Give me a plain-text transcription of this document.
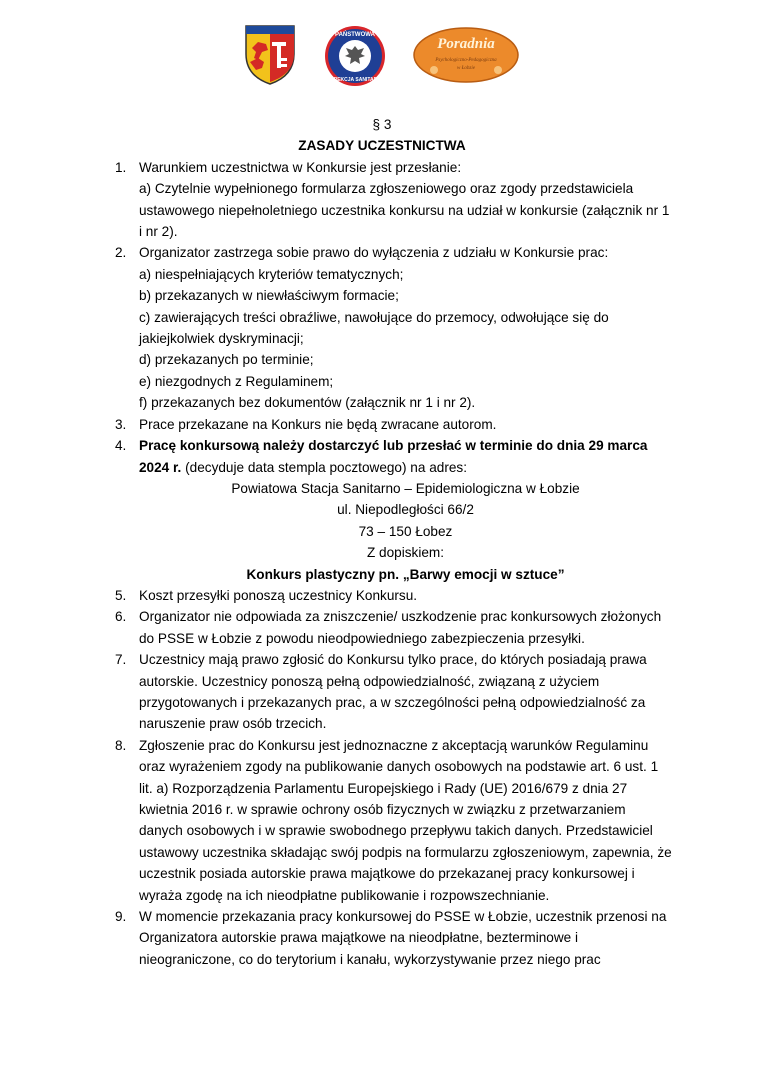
PAŃSTWOWA
INSPEKCJA SANITARNA
Poradnia
Psychologiczno-Pedagogiczna
w Łobzie
§ 3
ZASADY UCZESTNICTWA
1. Warunkiem uczestnictwa w Konkursie jest przesłanie:
a) Czytelnie wypełnionego formularza zgłoszeniowego oraz zgody przedstawiciela ustawowego niepełnoletniego uczestnika konkursu na udział w konkursie (załącznik nr 1 i nr 2).
2. Organizator zastrzega sobie prawo do wyłączenia z udziału w Konkursie prac:
a) niespełniających kryteriów tematycznych;
b) przekazanych w niewłaściwym formacie;
c) zawierających treści obraźliwe, nawołujące do przemocy, odwołujące się do jakiejkolwiek dyskryminacji;
d) przekazanych po terminie;
e) niezgodnych z Regulaminem;
f) przekazanych bez dokumentów (załącznik nr 1 i nr 2).
3. Prace przekazane na Konkurs nie będą zwracane autorom.
4. Pracę konkursową należy dostarczyć lub przesłać w terminie do dnia 29 marca 2024 r. (decyduje data stempla pocztowego) na adres:
Powiatowa Stacja Sanitarno – Epidemiologiczna w Łobzie
ul. Niepodległości 66/2
73 – 150 Łobez
Z dopiskiem:
Konkurs plastyczny pn. „Barwy emocji w sztuce”
5. Koszt przesyłki ponoszą uczestnicy Konkursu.
6. Organizator nie odpowiada za zniszczenie/ uszkodzenie prac konkursowych złożonych do PSSE w Łobzie z powodu nieodpowiedniego zabezpieczenia przesyłki.
7. Uczestnicy mają prawo zgłosić do Konkursu tylko prace, do których posiadają prawa autorskie. Uczestnicy ponoszą pełną odpowiedzialność, związaną z użyciem przygotowanych i przekazanych prac, a w szczególności pełną odpowiedzialność za naruszenie praw osób trzecich.
8. Zgłoszenie prac do Konkursu jest jednoznaczne z akceptacją warunków Regulaminu oraz wyrażeniem zgody na publikowanie danych osobowych na podstawie art. 6 ust. 1 lit. a) Rozporządzenia Parlamentu Europejskiego i Rady (UE) 2016/679 z dnia 27 kwietnia 2016 r. w sprawie ochrony osób fizycznych w związku z przetwarzaniem danych osobowych i w sprawie swobodnego przepływu takich danych. Przedstawiciel ustawowy uczestnika składając swój podpis na formularzu zgłoszeniowym, zapewnia, że uczestnik posiada autorskie prawa majątkowe do przekazanej pracy konkursowej i wyraża zgodę na ich nieodpłatne publikowanie i rozpowszechnianie.
9. W momencie przekazania pracy konkursowej do PSSE w Łobzie, uczestnik przenosi na Organizatora autorskie prawa majątkowe na nieodpłatne, bezterminowe i nieograniczone, co do terytorium i kanału, wykorzystywanie przez niego prac
